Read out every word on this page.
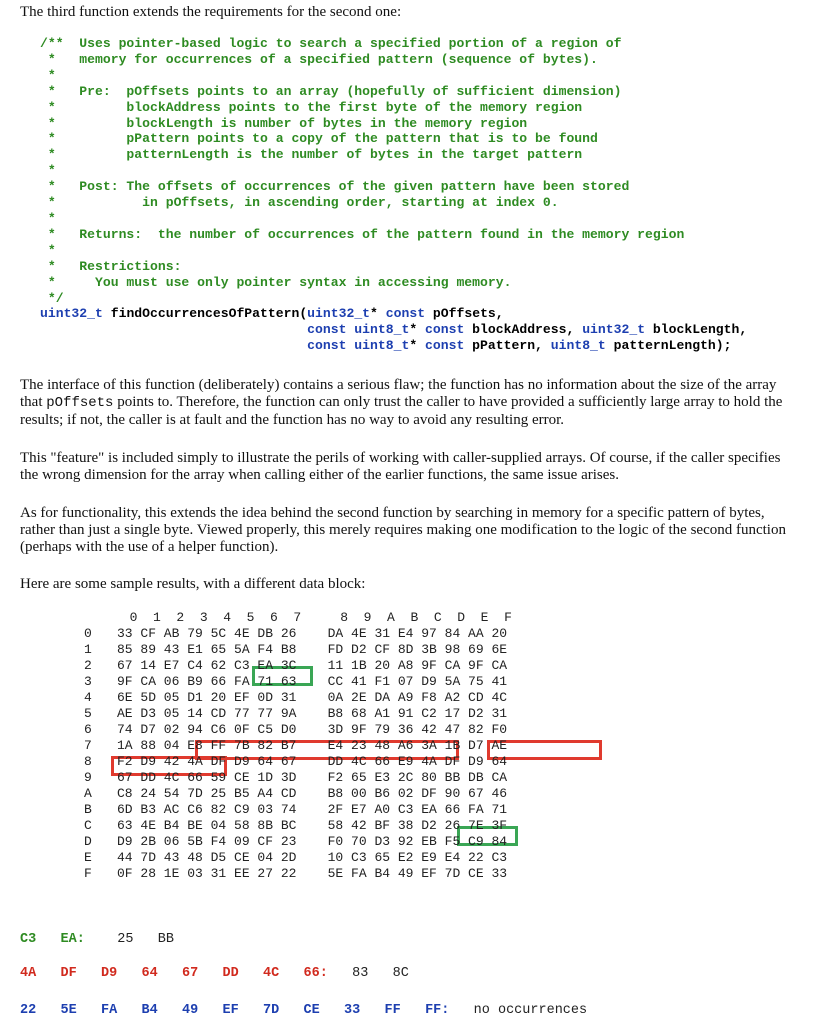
The third function extends the requirements for the second one:
/**  Uses pointer-based logic to search a specified portion of a region of
*   memory for occurrences of a specified pattern (sequence of bytes).
*
*   Pre:  pOffsets points to an array (hopefully of sufficient dimension)
*         blockAddress points to the first byte of the memory region
*         blockLength is number of bytes in the memory region
*         pPattern points to a copy of the pattern that is to be found
*         patternLength is the number of bytes in the target pattern
*
*   Post: The offsets of occurrences of the given pattern have been stored
*           in pOffsets, in ascending order, starting at index 0.
*
*   Returns:  the number of occurrences of the pattern found in the memory region
*
*   Restrictions:
*     You must use only pointer syntax in accessing memory.
*/
uint32_t findOccurrencesOfPattern(uint32_t* const pOffsets,
const uint8_t* const blockAddress, uint32_t blockLength,
const uint8_t* const pPattern, uint8_t patternLength);

The interface of this function (deliberately) contains a serious flaw; the function has no information about the size of the array that pOffsets points to. Therefore, the function can only trust the caller to have provided a sufficiently large array to hold the results; if not, the caller is at fault and the function has no way to avoid any resulting error.

This "feature" is included simply to illustrate the perils of working with caller-supplied arrays. Of course, if the caller specifies the wrong dimension for the array when calling either of the earlier functions, the same issue arises.

As for functionality, this extends the idea behind the second function by searching in memory for a specific pattern of bytes, rather than just a single byte. Viewed properly, this merely requires making one modification to the logic of the second function (perhaps with the use of a helper function).

Here are some sample results, with a different data block:

0  1  2  3  4  5  6  7     8  9  A  B  C  D  E  F
0 33 CF AB 79 5C 4E DB 26    DA 4E 31 E4 97 84 AA 20
1 85 89 43 E1 65 5A F4 B8    FD D2 CF 8D 3B 98 69 6E
2 67 14 E7 C4 62 C3 EA 3C    11 1B 20 A8 9F CA 9F CA
3 9F CA 06 B9 66 FA 71 63    CC 41 F1 07 D9 5A 75 41
4 6E 5D 05 D1 20 EF 0D 31    0A 2E DA A9 F8 A2 CD 4C
5 AE D3 05 14 CD 77 77 9A    B8 68 A1 91 C2 17 D2 31
6 74 D7 02 94 C6 0F C5 D0    3D 9F 79 36 42 47 82 F0
7 1A 88 04 E8 FF 7B 82 B7    E4 23 48 A6 3A 1B D7 AE
8 F2 D9 42 4A DF D9 64 67    DD 4C 66 E9 4A DF D9 64
9 67 DD 4C 66 59 CE 1D 3D    F2 65 E3 2C 80 BB DB CA
A C8 24 54 7D 25 B5 A4 CD    B8 00 B6 02 DF 90 67 46
B 6D B3 AC C6 82 C9 03 74    2F E7 A0 C3 EA 66 FA 71
C 63 4E B4 BE 04 58 8B BC    58 42 BF 38 D2 26 7E 3F
D D9 2B 06 5B F4 09 CF 23    F0 70 D3 92 EB F5 C9 84
E 44 7D 43 48 D5 CE 04 2D    10 C3 65 E2 E9 E4 22 C3
F 0F 28 1E 03 31 EE 27 22    5E FA B4 49 EF 7D CE 33
C3   EA:    25   BB
4A   DF   D9   64   67   DD   4C   66:   83   8C
22   5E   FA   B4   49   EF   7D   CE   33   FF   FF:   no occurrences
